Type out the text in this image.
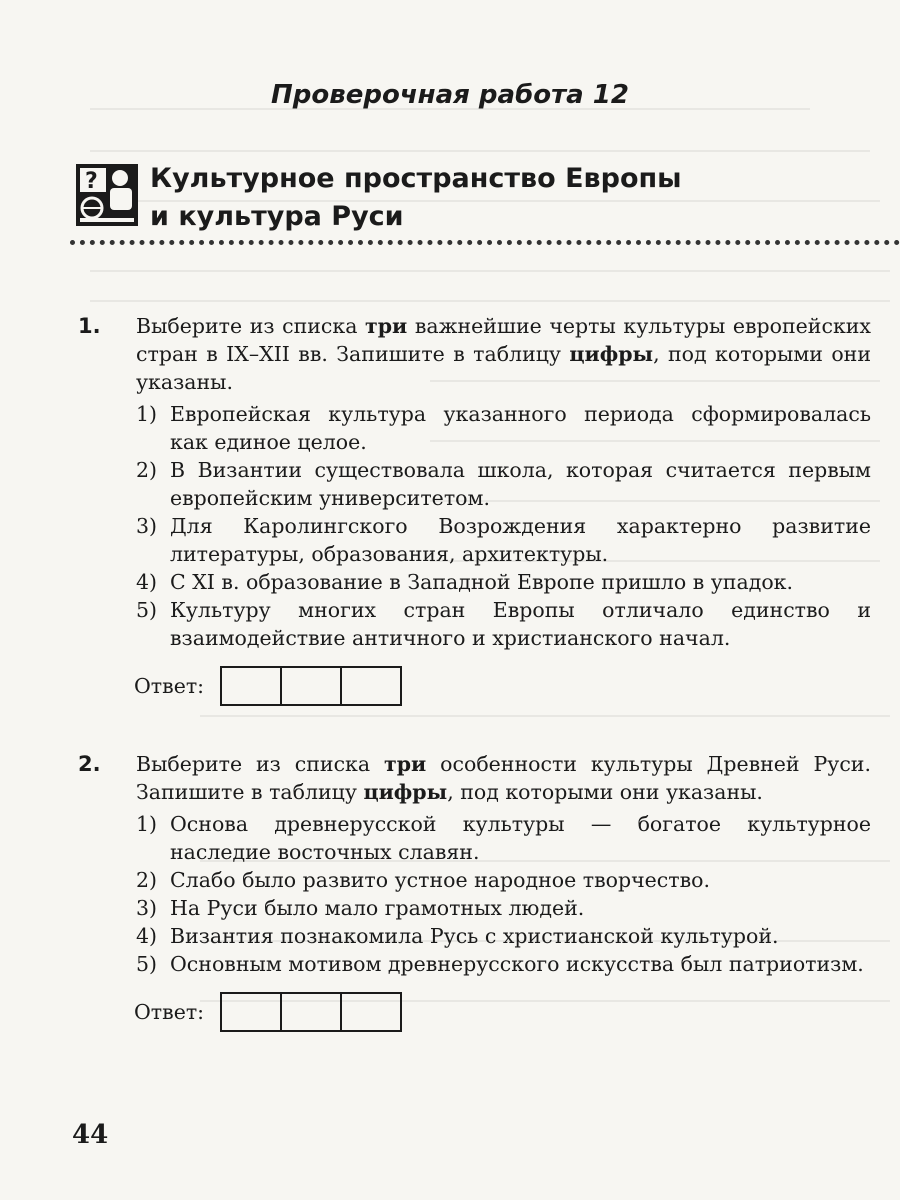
Проверочная работа 12
? Культурное пространство Европы
и культура Руси
1. Выберите из списка три важнейшие черты культуры европейских стран в IX–XII вв. Запишите в таблицу цифры, под которыми они указаны.
1) Европейская культура указанного периода сформировалась как единое целое.
2) В Византии существовала школа, которая считается первым европейским университетом.
3) Для Каролингского Возрождения характерно развитие литературы, образования, архитектуры.
4) С XI в. образование в Западной Европе пришло в упадок.
5) Культуру многих стран Европы отличало единство и взаимодействие античного и христианского начал.
Ответ:
2. Выберите из списка три особенности культуры Древней Руси. Запишите в таблицу цифры, под которыми они указаны.
1) Основа древнерусской культуры — богатое культурное наследие восточных славян.
2) Слабо было развито устное народное творчество.
3) На Руси было мало грамотных людей.
4) Византия познакомила Русь с христианской культурой.
5) Основным мотивом древнерусского искусства был патриотизм.
Ответ:
44
